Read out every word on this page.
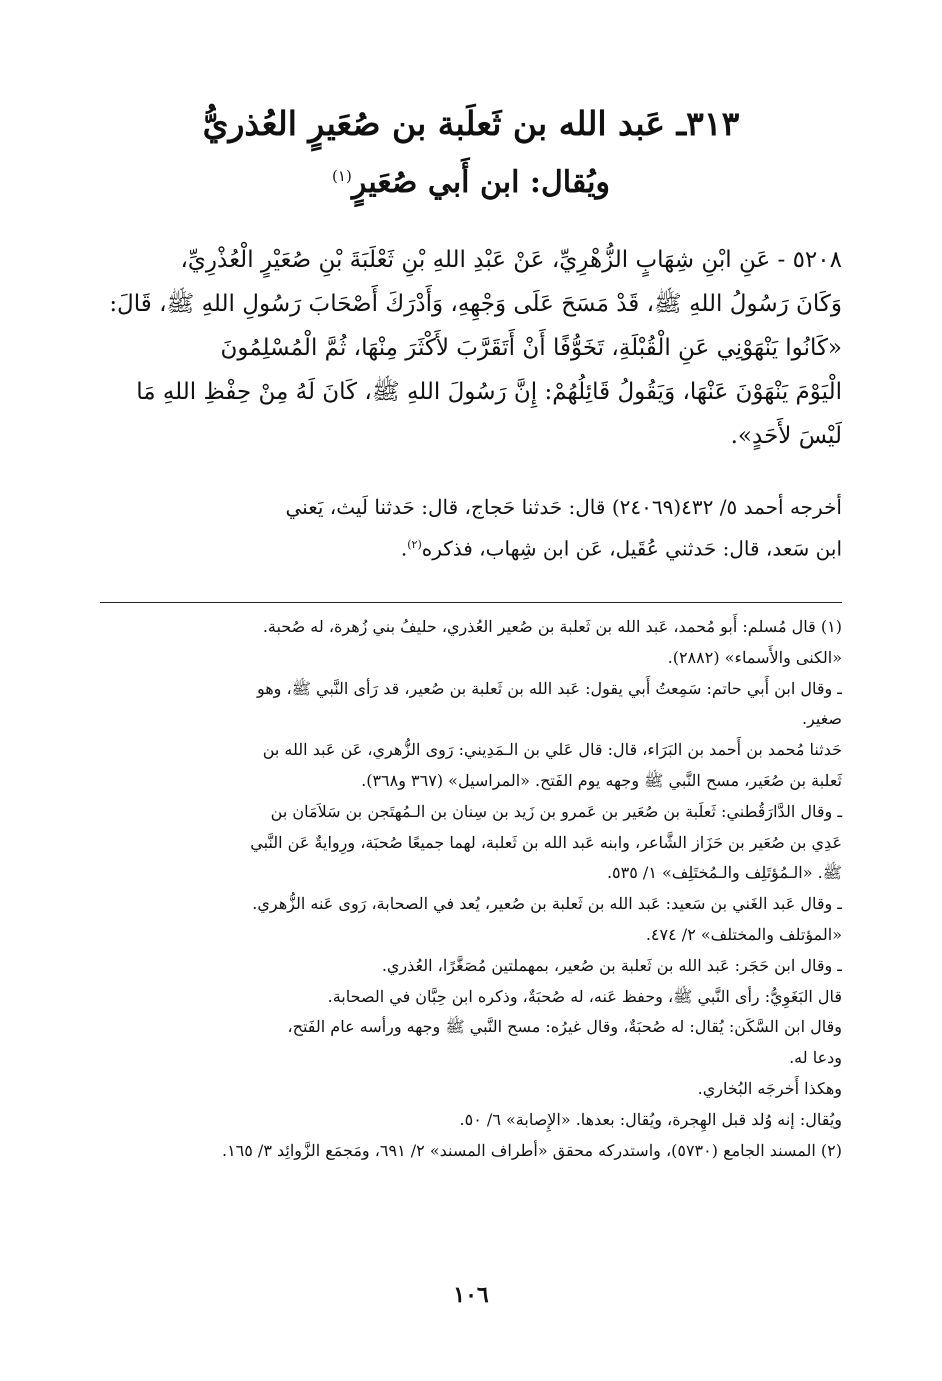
٣١٣ـ عَبد الله بن ثَعلَبة بن صُعَيرٍ العُذريُّ
ويُقال: ابن أَبي صُعَيرٍ$^{(١)}$

٥٢٠٨ - عَنِ ابْنِ شِهَابٍ الزُّهْرِيِّ، عَنْ عَبْدِ اللهِ بْنِ ثَعْلَبَةَ بْنِ صُعَيْرٍ الْعُذْرِيِّ،

وَكَانَ رَسُولُ اللهِ ﷺ، قَدْ مَسَحَ عَلَى وَجْهِهِ، وَأَدْرَكَ أَصْحَابَ رَسُولِ اللهِ ﷺ، قَالَ:

«كَانُوا يَنْهَوْنِي عَنِ الْقُبْلَةِ، تَخَوُّفًا أَنْ أَتَقَرَّبَ لأَكْثَرَ مِنْهَا، ثُمَّ الْمُسْلِمُونَ

الْيَوْمَ يَنْهَوْنَ عَنْهَا، وَيَقُولُ قَائِلُهُمْ: إِنَّ رَسُولَ اللهِ ﷺ، كَانَ لَهُ مِنْ حِفْظِ اللهِ مَا

لَيْسَ لأَحَدٍ».

أخرجه أحمد ٥/ ٤٣٢(٢٤٠٦٩) قال: حَدثنا حَجاج، قال: حَدثنا لَيث، يَعني
ابن سَعد، قال: حَدثني عُقَيل، عَن ابن شِهاب، فذكره$^{(٢)}$.

(١) قال مُسلم: أَبو مُحمد، عَبد الله بن ثَعلبة بن صُعير العُذري، حليفُ بني زُهرة، له صُحبة.

«الكنى والأَسماء» (٢٨٨٢).

ـ وقال ابن أَبي حاتم: سَمِعتُ أَبي يقول: عَبد الله بن ثَعلبة بن صُعير، قد رَأى النَّبي ﷺ، وهو

صغير.

حَدثنا مُحمد بن أَحمد بن البَرَاء، قال: قال عَلي بن الـمَدِيني: رَوى الزُّهري، عَن عَبد الله بن

ثَعلبة بن صُعَير، مسح النَّبي ﷺ وجهه يوم الفَتح. «المراسيل» (٣٦٧ و٣٦٨).

ـ وقال الدَّارَقُطني: ثَعلَبة بن صُعَير بن عَمرو بن زَيد بن سِنان بن الـمُهتَجن بن سَلاَمَان بن

عَدِي بن صُعَير بن حَزَاز الشَّاعر، وابنه عَبد الله بن ثَعلبة، لهما جميعًا صُحبَة، ورِوايةٌ عَن النَّبي

ﷺ. «الـمُؤتَلِف والـمُختَلِف» ١/ ٥٣٥.

ـ وقال عَبد الغَني بن سَعيد: عَبد الله بن ثَعلبة بن صُعير، يُعد في الصحابة، رَوى عَنه الزُّهري.

«المؤتلف والمختلف» ٢/ ٤٧٤.

ـ وقال ابن حَجَر: عَبد الله بن ثَعلبة بن صُعير، بمهملتين مُصَغَّرًا، العُذري.

قال البَغَوِيُّ: رأى النَّبي ﷺ، وحفظ عَنه، له صُحبَةٌ، وذكره ابن حِبَّان في الصحابة.

وقال ابن السَّكَن: يُقال: له صُحبَةٌ، وقال غيرُه: مسح النَّبي ﷺ وجهه ورأسه عام الفَتح،

ودعا له.

وهكذا أَخرجَه البُخاري.

ويُقال: إنه وُلد قبل الهِجرة، ويُقال: بعدها. «الإِصابة» ٦/ ٥٠.

(٢) المسند الجامع (٥٧٣٠)، واستدركه محقق «أطراف المسند» ٢/ ٦٩١، ومَجمَع الزَّوائِد ٣/ ١٦٥.

١٠٦
